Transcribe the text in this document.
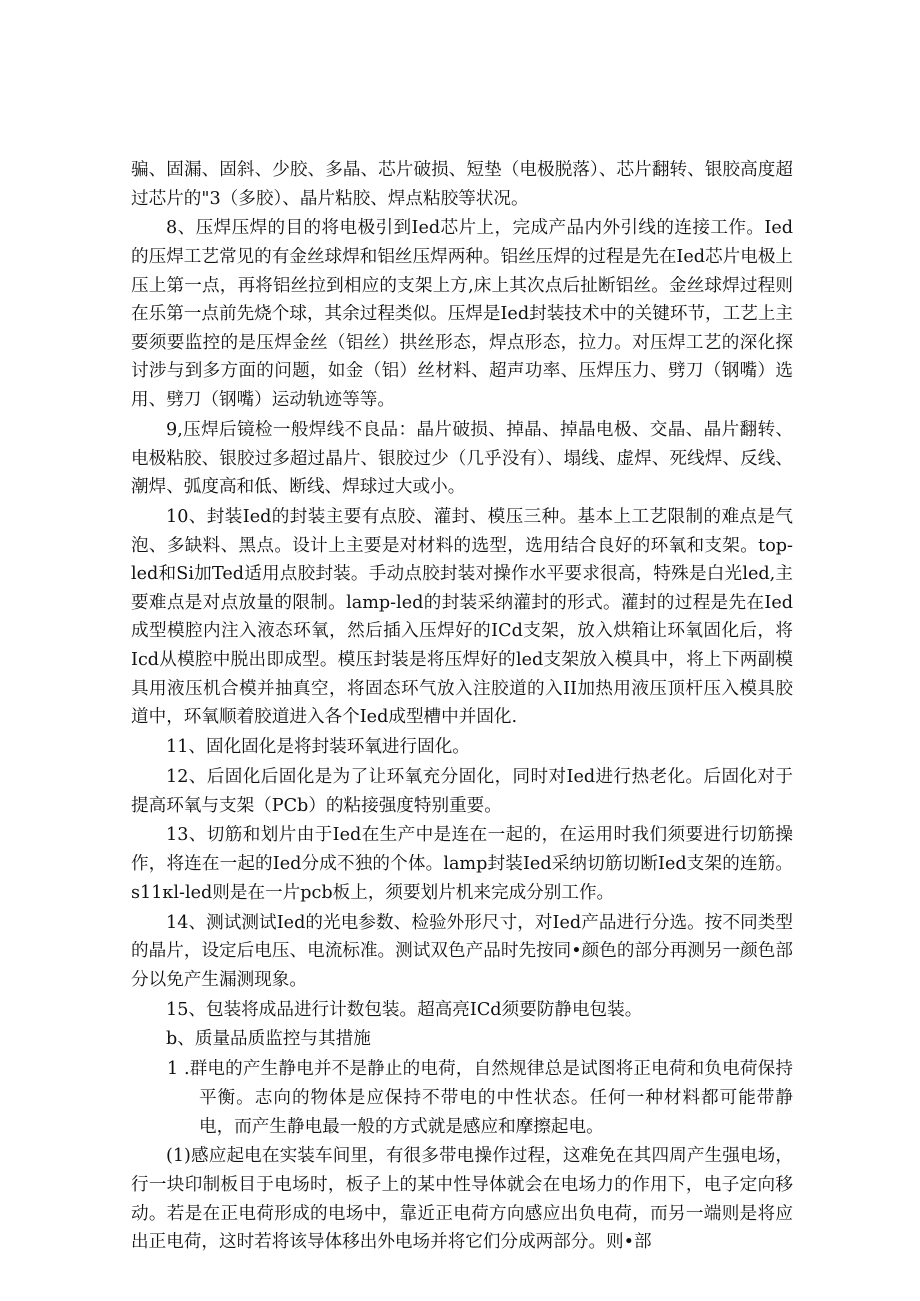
骗、固漏、固斜、少胶、多晶、芯片破损、短垫（电极脱落）、芯片翻转、银胶高度超过芯片的"3（多胶）、晶片粘胶、焊点粘胶等状况。

8、压焊压焊的目的将电极引到Ied芯片上，完成产品内外引线的连接工作。Ied的压焊工艺常见的有金丝球焊和铝丝压焊两种。铝丝压焊的过程是先在Ied芯片电极上压上第一点，再将铝丝拉到相应的支架上方,床上其次点后扯断铝丝。金丝球焊过程则在乐第一点前先烧个球，其余过程类似。压焊是Ied封装技术中的关键环节，工艺上主要须要监控的是压焊金丝（铝丝）拱丝形态，焊点形态，拉力。对压焊工艺的深化探讨涉与到多方面的问题，如金（铝）丝材料、超声功率、压焊压力、劈刀（钢嘴）选用、劈刀（钢嘴）运动轨迹等等。

9,压焊后镜检一般焊线不良品：晶片破损、掉晶、掉晶电极、交晶、晶片翻转、电极粘胶、银胶过多超过晶片、银胶过少（几乎没有）、塌线、虚焊、死线焊、反线、潮焊、弧度高和低、断线、焊球过大或小。

10、封装Ied的封装主要有点胶、灌封、模压三种。基本上工艺限制的难点是气泡、多缺料、黑点。设计上主要是对材料的选型，选用结合良好的环氧和支架。top-led和Si加Ted适用点胶封装。手动点胶封装对操作水平要求很高，特殊是白光led,主要难点是对点放量的限制。lamp-led的封装采纳灌封的形式。灌封的过程是先在Ied成型模腔内注入液态环氧，然后插入压焊好的ICd支架，放入烘箱让环氧固化后，将Icd从模腔中脱出即成型。模压封装是将压焊好的led支架放入模具中，将上下两副模具用液压机合模并抽真空，将固态环气放入注胶道的入II加热用液压顶杆压入模具胶道中，环氧顺着胶道进入各个Ied成型槽中并固化.

11、固化固化是将封装环氧进行固化。

12、后固化后固化是为了让环氧充分固化，同时对Ied进行热老化。后固化对于提高环氧与支架（PCb）的粘接强度特别重要。

13、切筋和划片由于Ied在生产中是连在一起的，在运用时我们须要进行切筋操作，将连在一起的Ied分成不独的个体。lamp封装Ied采纳切筋切断Ied支架的连筋。s11κl-led则是在一片pcb板上，须要划片机来完成分别工作。

14、测试测试Ied的光电参数、检验外形尺寸，对Ied产品进行分选。按不同类型的晶片，设定后电压、电流标准。测试双色产品时先按同•颜色的部分再测另一颜色部分以免产生漏测现象。

15、包装将成品进行计数包装。超高亮ICd须要防静电包装。

b、质量品质监控与其措施

1 .群电的产生静电并不是静止的电荷，自然规律总是试图将正电荷和负电荷保持平衡。志向的物体是应保持不带电的中性状态。任何一种材料都可能带静电，而产生静电最一般的方式就是感应和摩擦起电。

(1)感应起电在实装车间里，有很多带电操作过程，这难免在其四周产生强电场，行一块印制板目于电场时，板子上的某中性导体就会在电场力的作用下，电子定向移动。若是在正电荷形成的电场中，靠近正电荷方向感应出负电荷，而另一端则是将应出正电荷，这时若将该导体移出外电场并将它们分成两部分。则•部
